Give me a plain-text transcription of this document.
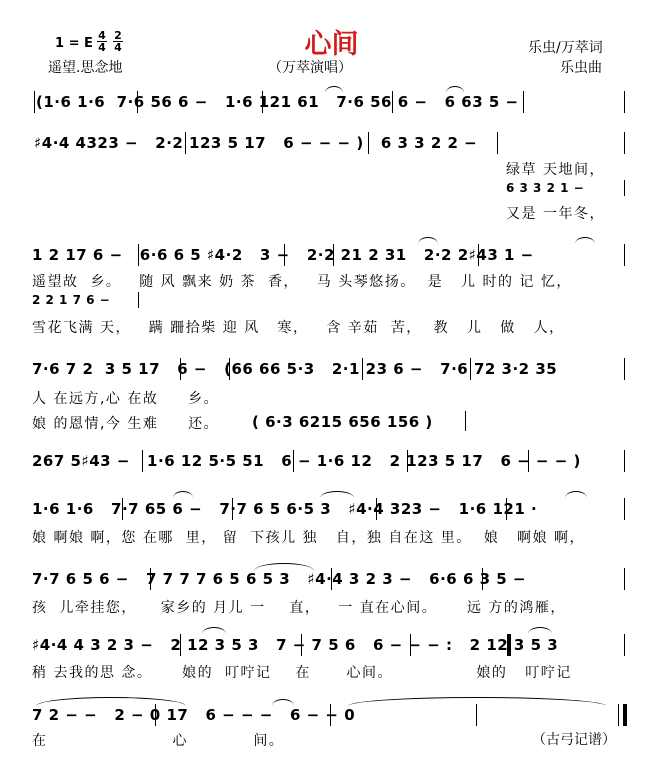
心间
1 = E $\frac{4}{4} \frac{2}{4}$
遥望.思念地	（万萃演唱）
乐虫/万萃词
乐虫曲
(1·6 1·6  7·6 56 6 −   1·6 121 61   7·6 56 6 −   6 63 5 −
♯4·4 4323 −   2·2 123 5 17   6 − − − )   6 3 3 2 2 −
绿草 天地间，
6 3 3 2 1 −
又是 一年冬，
1 2 17 6 −   6·6 6 5 ♯4·2   3 −   2·2 21 2 31   2·2 2♯43 1 −
遥望故  乡。   随 风 飘来 奶 茶  香，   马 头琴悠扬。  是   儿 时的 记 忆，
2 2 1 7 6 −
雪花飞满 天，   蹒 跚拾柴 迎 风   寒，   含 辛茹  苦，  教   儿   做   人，
7·6 7 2  3 5 17   6 −   (66 66 5·3   2·1 23 6 −   7·6 72 3·2 35
人 在远方,心 在故     乡。
娘 的恩情,今 生难     还。 ( 6·3 6215 656 156 )
267 5♯43 −   1·6 12 5·5 51   6 − 1·6 12   2 123 5 17   6 − − − )
1·6 1·6   7·7 65 6 −   7·7 6 5 6·5 3   ♯4·4 323 −   1·6 121 ·
娘 啊娘 啊，您 在哪  里， 留  下孩儿 独   自，独 自在这 里。  娘   啊娘 啊，
7·7 6 5 6 −   7 7 7 7 6 5 6 5 3   ♯4·4 3 2 3 −   6·6 6 3 5 −
孩  儿牵挂您，    家乡的 月儿 一    直，   一 直在心间。     远 方的鸿雁，
♯4·4 4 3 2 3 −   2 12 3 5 3   7 − 7 5 6   6 − − − :   2 12 3 5 3
稍 去我的思 念。     娘的  叮咛记    在      心间。              娘的   叮咛记
7 2 − −   2 − 0 17   6 − − −   6 − − 0
在                     心           间。	（古弓记谱）
